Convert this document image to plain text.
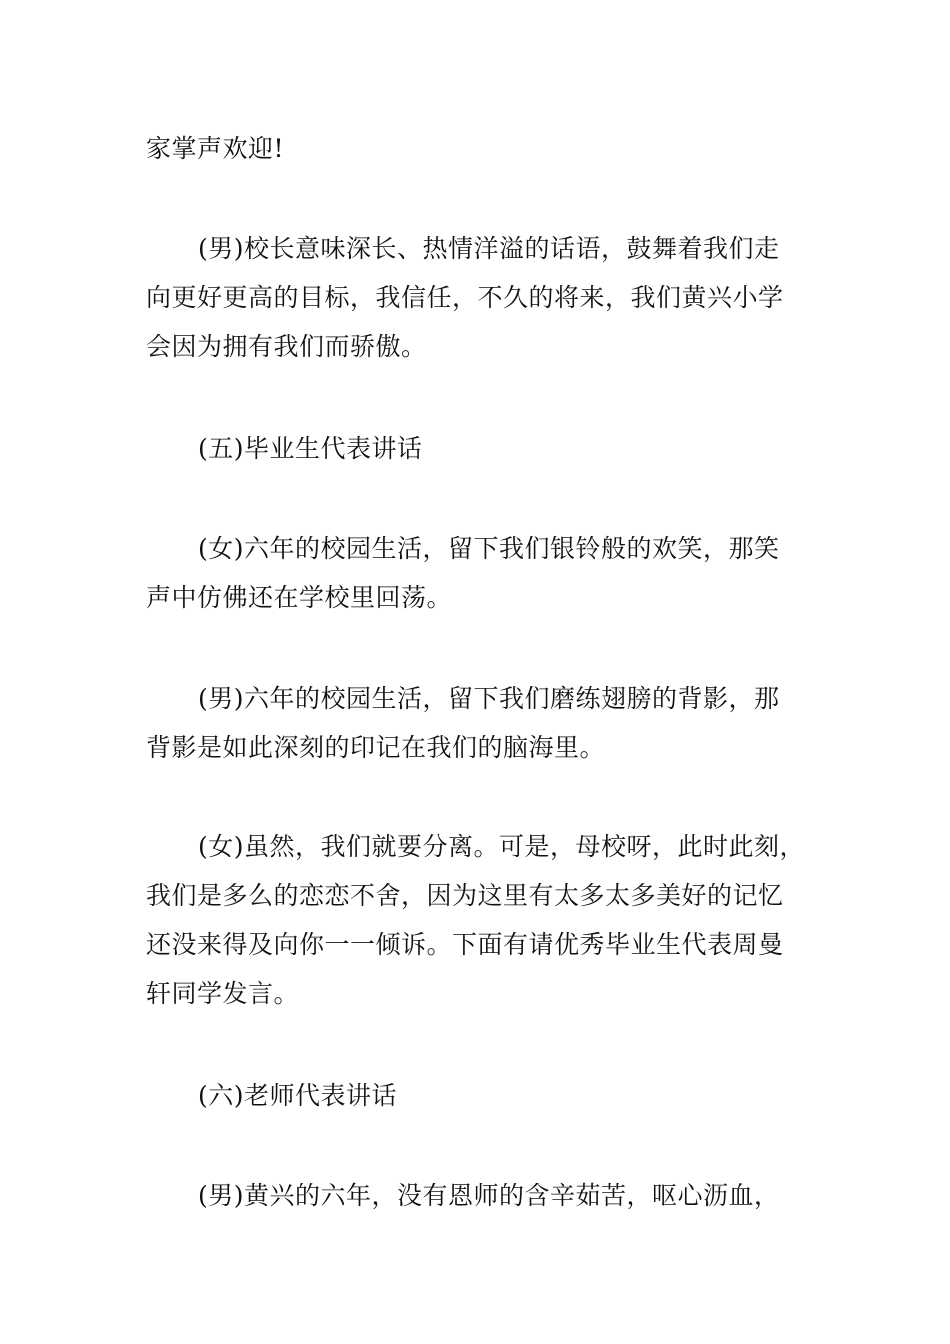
家掌声欢迎!

(男)校长意味深长、热情洋溢的话语，鼓舞着我们走
向更好更高的目标，我信任，不久的将来，我们黄兴小学
会因为拥有我们而骄傲。

(五)毕业生代表讲话

(女)六年的校园生活，留下我们银铃般的欢笑，那笑
声中仿佛还在学校里回荡。

(男)六年的校园生活，留下我们磨练翅膀的背影，那
背影是如此深刻的印记在我们的脑海里。

(女)虽然，我们就要分离。可是，母校呀，此时此刻，
我们是多么的恋恋不舍，因为这里有太多太多美好的记忆
还没来得及向你一一倾诉。下面有请优秀毕业生代表周曼
轩同学发言。

(六)老师代表讲话

(男)黄兴的六年，没有恩师的含辛茹苦，呕心沥血，
